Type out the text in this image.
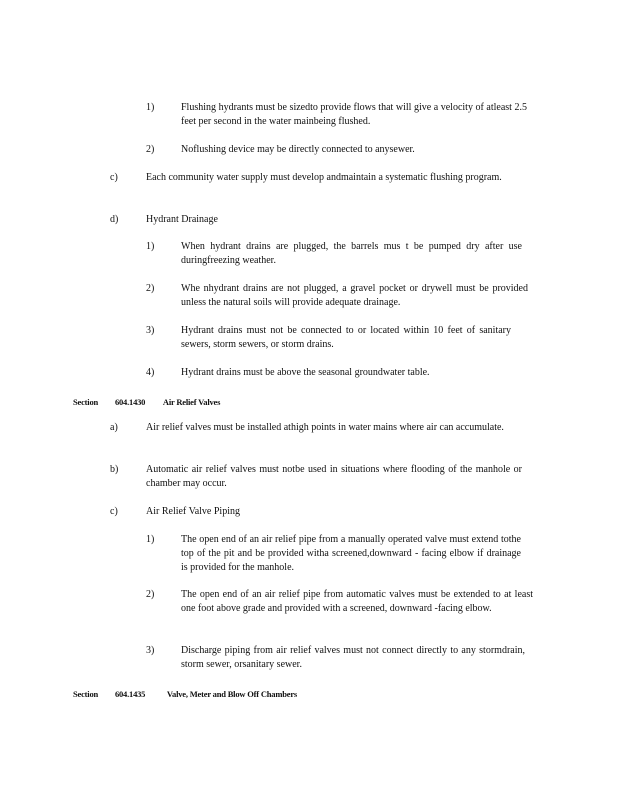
1)	Flushing hydrants must be sizedto provide flows that will give a velocity of atleast 2.5 feet per second in the water mainbeing flushed.
2)	Noflushing device may be directly connected to anysewer.
c)	Each community water supply must develop andmaintain a systematic flushing program.
d)	Hydrant Drainage
1)	When hydrant drains are plugged, the barrels mus t be pumped dry after use duringfreezing weather.
2)	Whe nhydrant drains are not plugged, a gravel pocket or drywell must be provided unless the natural soils will provide adequate drainage.
3)	Hydrant drains must not be connected to or located within 10 feet of sanitary sewers, storm sewers, or storm drains.
4)	Hydrant drains must be above the seasonal groundwater table.
Section 604.1430 Air Relief Valves
a)	Air relief valves must be installed athigh points in water mains where air can accumulate.
b)	Automatic air relief valves must notbe used in situations where flooding of the manhole or chamber may occur.
c)	Air Relief Valve Piping
1)	The open end of an air relief pipe from a manually operated valve must extend tothe top of the pit and be provided witha screened,downward - facing elbow if drainage is provided for the manhole.
2)	The open end of an air relief pipe from automatic valves must be extended to at least one foot above grade and provided with a screened, downward -facing elbow.
3)	Discharge piping from air relief valves must not connect directly to any stormdrain, storm sewer, orsanitary sewer.
Section 604.1435	Valve, Meter and Blow Off Chambers
